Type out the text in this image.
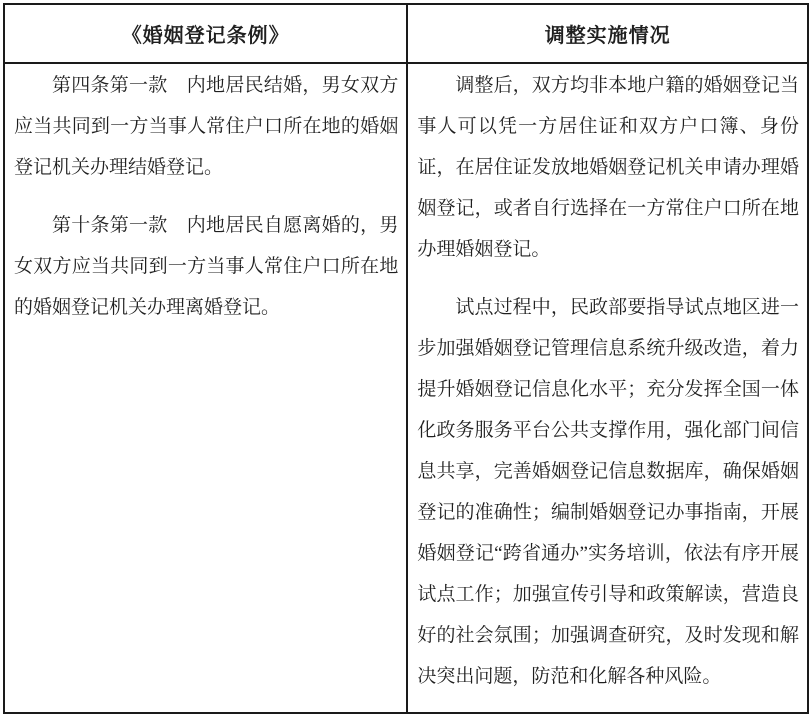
《婚姻登记条例》	调整实施情况

第四条第一款　内地居民结婚，男女双方应当共同到一方当事人常住户口所在地的婚姻登记机关办理结婚登记。

第十条第一款　内地居民自愿离婚的，男女双方应当共同到一方当事人常住户口所在地的婚姻登记机关办理离婚登记。

调整后，双方均非本地户籍的婚姻登记当事人可以凭一方居住证和双方户口簿、身份证，在居住证发放地婚姻登记机关申请办理婚姻登记，或者自行选择在一方常住户口所在地办理婚姻登记。

试点过程中，民政部要指导试点地区进一步加强婚姻登记管理信息系统升级改造，着力提升婚姻登记信息化水平；充分发挥全国一体化政务服务平台公共支撑作用，强化部门间信息共享，完善婚姻登记信息数据库，确保婚姻登记的准确性；编制婚姻登记办事指南，开展婚姻登记“跨省通办”实务培训，依法有序开展试点工作；加强宣传引导和政策解读，营造良好的社会氛围；加强调查研究，及时发现和解决突出问题，防范和化解各种风险。
